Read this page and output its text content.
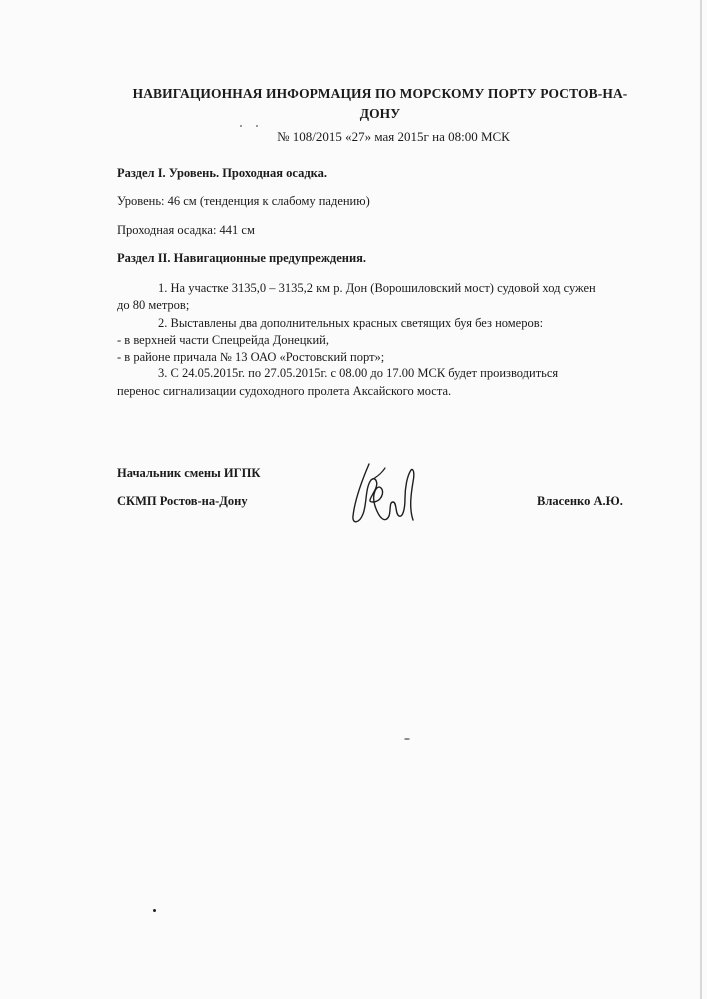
НАВИГАЦИОННАЯ ИНФОРМАЦИЯ ПО МОРСКОМУ ПОРТУ РОСТОВ-НА-ДОНУ
№ 108/2015 «27» мая 2015г на 08:00 МСК
Раздел I. Уровень. Проходная осадка.
Уровень: 46 см (тенденция к слабому падению)
Проходная осадка: 441 см
Раздел II. Навигационные предупреждения.
1. На участке 3135,0 – 3135,2 км р. Дон (Ворошиловский мост) судовой ход сужен
до 80 метров;
2. Выставлены два дополнительных красных светящих буя без номеров:
- в верхней части Спецрейда Донецкий,
- в районе причала № 13 ОАО «Ростовский порт»;
3. С 24.05.2015г. по 27.05.2015г. с 08.00 до 17.00 МСК будет производиться
перенос сигнализации судоходного пролета Аксайского моста.
Начальник смены ИГПК
СКМП Ростов-на-Дону	Власенко А.Ю.
